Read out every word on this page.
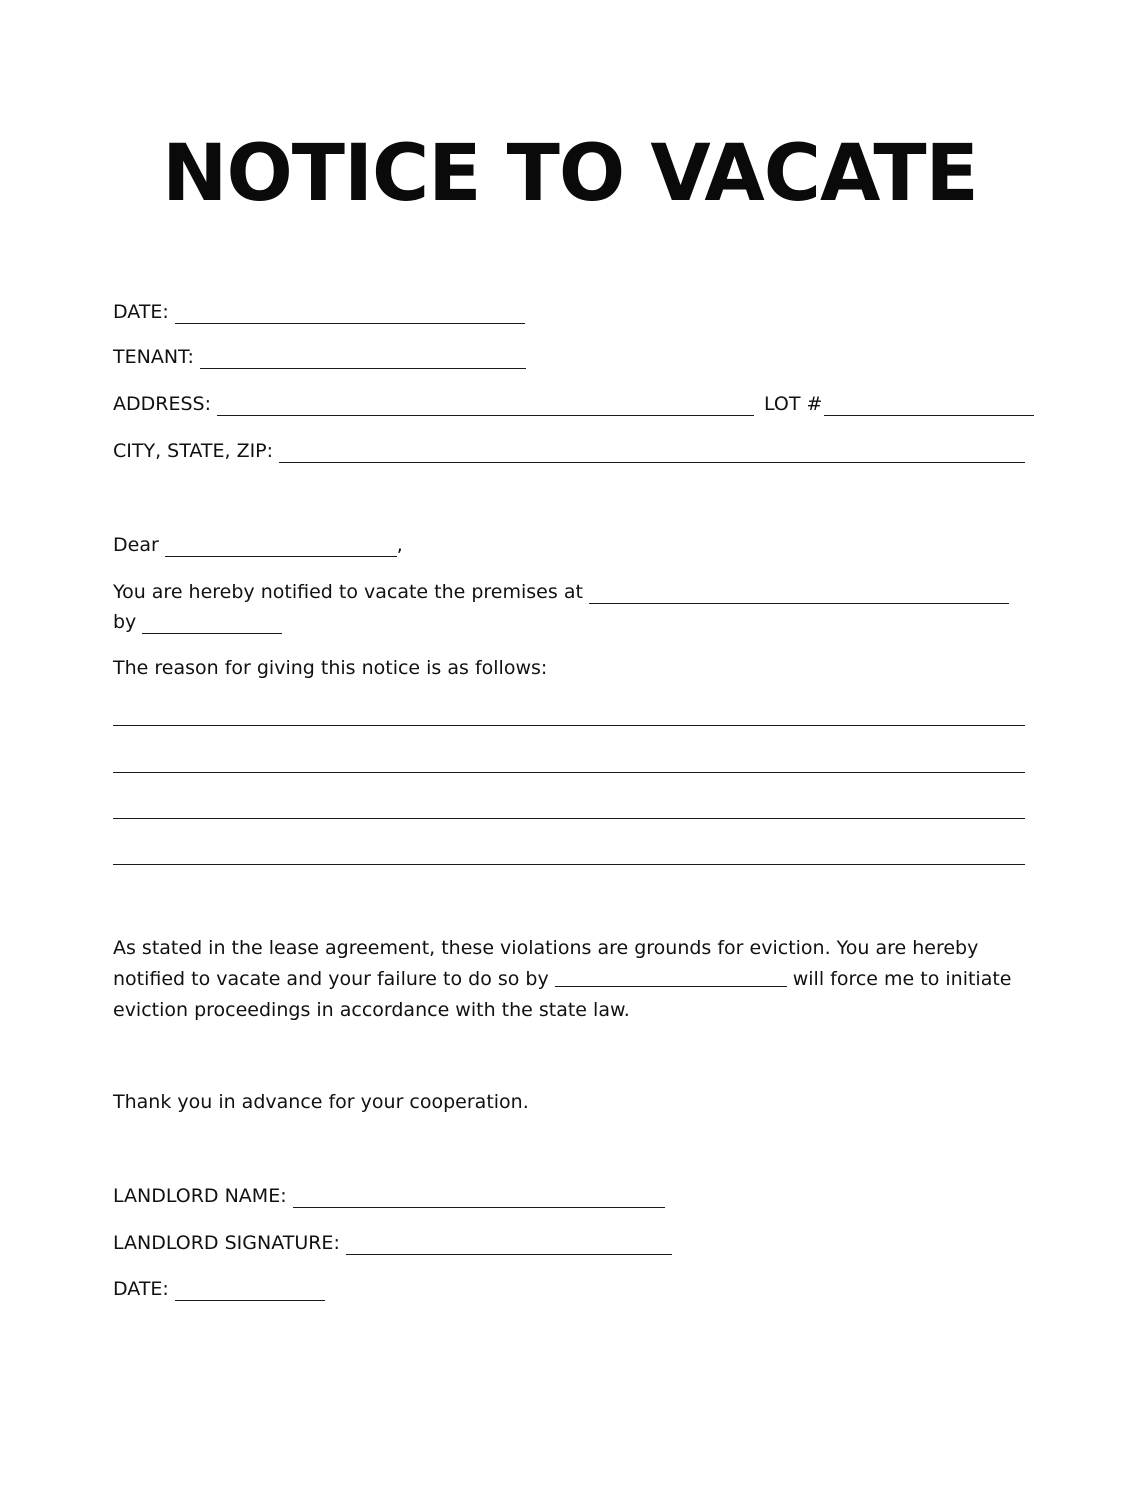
NOTICE TO VACATE
DATE:
TENANT:
ADDRESS:	LOT #
CITY, STATE, ZIP:
Dear	,
You are hereby notified to vacate the premises at
by
The reason for giving this notice is as follows:
As stated in the lease agreement, these violations are grounds for eviction. You are hereby
notified to vacate and your failure to do so by	will force me to initiate
eviction proceedings in accordance with the state law.
Thank you in advance for your cooperation.
LANDLORD NAME:
LANDLORD SIGNATURE:
DATE:
